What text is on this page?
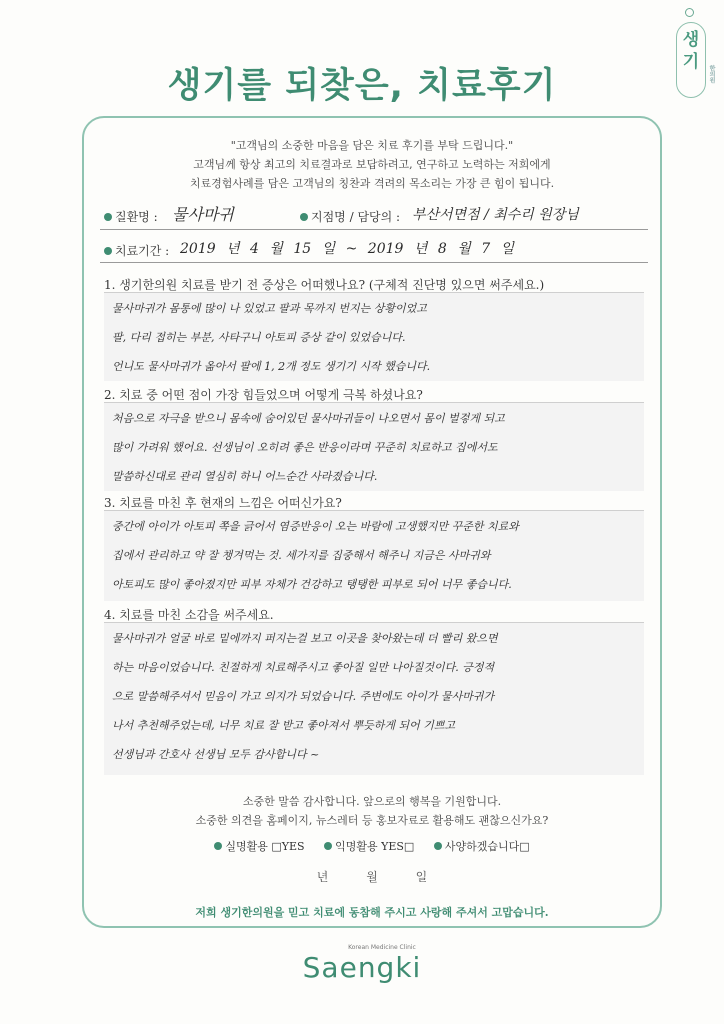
생기를 되찾은, 치료후기
생기
한의원
"고객님의 소중한 마음을 담은 치료 후기를 부탁 드립니다."
고객님께 항상 최고의 치료결과로 보답하려고, 연구하고 노력하는 저희에게
치료경험사례를 담은 고객님의 칭찬과 격려의 목소리는 가장 큰 힘이 됩니다.
질환명 : 물사마귀	지점명 / 담당의 : 부산서면점 / 최수리 원장님
치료기간 : 2019 년 4 월 15 일 ~ 2019 년 8 월 7 일
1. 생기한의원 치료를 받기 전 증상은 어떠했나요? (구체적 진단명 있으면 써주세요.)
물사마귀가 몸통에 많이 나 있었고 팔과 목까지 번지는 상황이었고
팔, 다리 접히는 부분, 사타구니 아토피 증상 같이 있었습니다.
언니도 물사마귀가 옮아서 팔에 1, 2개 정도 생기기 시작 했습니다.
2. 치료 중 어떤 점이 가장 힘들었으며 어떻게 극복 하셨나요?
처음으로 자극을 받으니 몸속에 숨어있던 물사마귀들이 나오면서 몸이 벌겋게 되고
많이 가려워 했어요. 선생님이 오히려 좋은 반응이라며 꾸준히 치료하고 집에서도
말씀하신대로 관리 열심히 하니 어느순간 사라졌습니다.
3. 치료를 마친 후 현재의 느낌은 어떠신가요?
중간에 아이가 아토피 쪽을 긁어서 염증반응이 오는 바람에 고생했지만 꾸준한 치료와
집에서 관리하고 약 잘 챙겨먹는 것. 세가지를 집중해서 해주니 지금은 사마귀와
아토피도 많이 좋아졌지만 피부 자체가 건강하고 탱탱한 피부로 되어 너무 좋습니다.
4. 치료를 마친 소감을 써주세요.
물사마귀가 얼굴 바로 밑에까지 퍼지는걸 보고 이곳을 찾아왔는데 더 빨리 왔으면
하는 마음이었습니다. 친절하게 치료해주시고 좋아질 일만 나아질것이다. 긍정적
으로 말씀해주셔서 믿음이 가고 의지가 되었습니다. 주변에도 아이가 물사마귀가
나서 추천해주었는데, 너무 치료 잘 받고 좋아져서 뿌듯하게 되어 기쁘고
선생님과 간호사 선생님 모두 감사합니다 ~
소중한 말씀 감사합니다. 앞으로의 행복을 기원합니다.
소중한 의견을 홈페이지, 뉴스레터 등 홍보자료로 활용해도 괜찮으신가요?
실명활용 □YES	익명활용 YES□	사양하겠습니다□
년 월 일
저희 생기한의원을 믿고 치료에 동참해 주시고 사랑해 주셔서 고맙습니다.
Korean Medicine Clinic
Saengki
